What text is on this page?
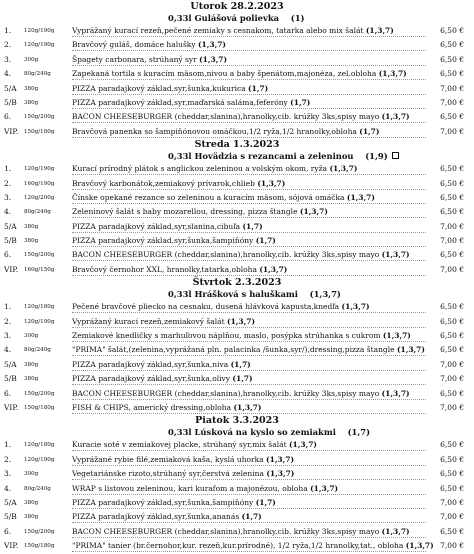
Utorok 28.2.2023
0,33l Gulášová polievka (1)
1.	120g/190g	Vyprážaný kurací rezeň,pečené zemiaky s cesnakom, tatarka alebo mix šalát (1,3,7)	6,50 €
2.	120g/190g	Bravčový guláš, domáce halušky (1,3,7)	6,50 €
3.	300g	Špagety carbonara, strúhaný syr (1,3,7)	6,50 €
4.	80g/240g	Zapekaná tortila s kuracím mäsom,nivou a baby špenátom,majonéza, zel.obloha (1,3,7)	6,50 €
5/A	380g	PIZZA paradajkový základ,syr,šunka,kukurica (1,7)	7,00 €
5/B	380g	PIZZA paradajkový základ,syr,maďarská saláma,feferóny (1,7)	7,00 €
6.	150g/200g	BACON CHEESEBURGER (cheddar,slanina),hranolky,cib. krúžky 3ks,spisy mayo (1,3,7)	6,50 €
VIP.	150g/180g	Bravčová panenka so šampiňónovou omáčkou,1/2 ryža,1/2 hranolky,obloha (1,7)	7,00 €
Streda 1.3.2023
0,33l Hovädzia s rezancami a zeleninou (1,9)
1.	120g/190g	Kurací prírodný plátok s anglickou zeleninou a volským okom, ryža (1,3,7)	6,50 €
2.	160g/190g	Bravčový karbonátok,zemiakový prívarok,chlieb (1,3,7)	6,50 €
3.	120g/200g	Čínske opekané rezance so zeleninou a kuracím mäsom, sójová omáčka (1,3,7)	6,50 €
4.	80g/240g	Zeleninový šalát s baby mozarellou, dressing, pizza štangle (1,3,7)	6,50 €
5/A	380g	PIZZA paradajkový základ,syr,slanina,cibuľa (1,7)	7,00 €
5/B	380g	PIZZA paradajkový základ,syr,šunka,šampiňóny (1,7)	7,00 €
6.	150g/200g	BACON CHEESEBURGER (cheddar,slanina),hranolky,cib. krúžky 3ks,spisy mayo (1,3,7)	6,50 €
VIP.	160g/150g	Bravčový černohor XXL, hranolky,tatarka,obloha (1,3,7)	7,00 €
Štvrtok 2.3.2023
0,33l Hrášková s haluškami (1,3,7)
1.	120g/180g	Pečené bravčové pliecko na cesnaku, dusená hlávková kapusta,knedľa (1,3,7)	6,50 €
2.	120g/190g	Vyprážaný kurací rezeň,zemiakový šalát (1,3,7)	6,50 €
3.	300g	Zemiakové knedličky s marhuľovou náplňou, maslo, posýpka strúhanka s cukrom (1,3,7)	6,50 €
4.	80g/240g	"PRIMA" šalát,(zelenina,vyprážaná pln. palacinka /šunka,syr/),dressing,pizza štangle (1,3,7)	6,50 €
5/A	380g	PIZZA paradajkový základ,syr,šunka,niva (1,7)	7,00 €
5/B	380g	PIZZA paradajkový základ,syr,šunka,olivy (1,7)	7,00 €
6.	150g/200g	BACON CHEESEBURGER (cheddar,slanina),hranolky,cib. krúžky 3ks,spisy mayo (1,3,7)	6,50 €
VIP.	150g/180g	FISH & CHIPS, americký dressing,obloha (1,3,7)	7,00 €
Piatok 3.3.2023
0,33l Lúsková na kyslo so zemiakmi (1,7)
1.	120g/180g	Kuracie soté v zemiakovej placke, strúhaný syr,mix šalát (1,3,7)	6,50 €
2.	120g/190g	Vyprážané rybie filé,zemiaková kaša, kyslá uhorka (1,3,7)	6,50 €
3.	300g	Vegetariánske rizoto,strúhaný syr,čerstvá zelenina (1,3,7)	6,50 €
4.	80g/240g	WRAP s listovou zeleninou, kari kurafom a majonézou, obloha (1,3,7)	6,50 €
5/A	380g	PIZZA paradajkový základ,syr,šunka,šampiňóny (1,7)	7,00 €
5/B	380g	PIZZA paradajkový základ,syr,šunka,ananás (1,7)	7,00 €
6.	150g/200g	BACON CHEESEBURGER (cheddar,slanina),hranolky,cib. krúžky 3ks,spisy mayo (1,3,7)	6,50 €
VIP.	150g/180g	"PRIMA" tanier (br.černohor,kur. rezeň,kur.prírodné), 1/2 ryža,1/2 hranolky,tat., obloha (1,3,7) 7,00 €
